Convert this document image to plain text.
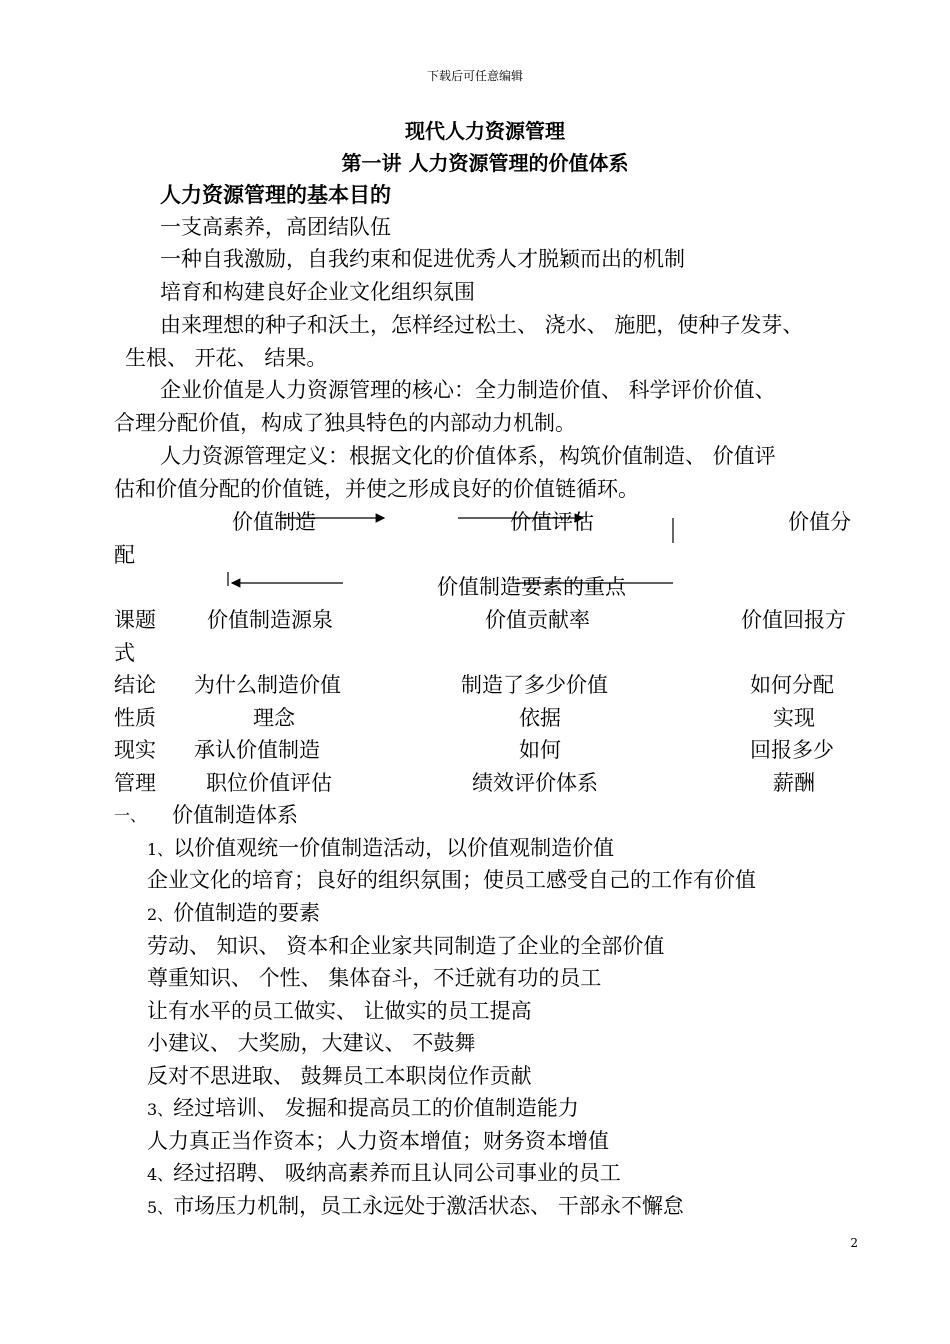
下载后可任意编辑
现代人力资源管理
第一讲 人力资源管理的价值体系
人力资源管理的基本目的
一支高素养，高团结队伍
一种自我激励，自我约束和促进优秀人才脱颖而出的机制
培育和构建良好企业文化组织氛围
由来理想的种子和沃土，怎样经过松土、 浇水、 施肥，使种子发芽、
生根、 开花、 结果。
企业价值是人力资源管理的核心：全力制造价值、 科学评价价值、
合理分配价值，构成了独具特色的内部动力机制。
人力资源管理定义：根据文化的价值体系，构筑价值制造、 价值评
估和价值分配的价值链，并使之形成良好的价值链循环。
价值制造	价值评估	价值分
配
价值制造要素的重点
课题 价值制造源泉	价值贡献率	价值回报方
式
结论 为什么制造价值	制造了多少价值	如何分配
性质	理念	依据	实现
现实 承认价值制造	如何	回报多少
管理 职位价值评估	绩效评价体系	薪酬
一、 价值制造体系
1、以价值观统一价值制造活动，以价值观制造价值
企业文化的培育；良好的组织氛围；使员工感受自己的工作有价值
2、价值制造的要素
劳动、 知识、 资本和企业家共同制造了企业的全部价值
尊重知识、 个性、 集体奋斗，不迁就有功的员工
让有水平的员工做实、 让做实的员工提高
小建议、 大奖励，大建议、 不鼓舞
反对不思进取、 鼓舞员工本职岗位作贡献
3、经过培训、 发掘和提高员工的价值制造能力
人力真正当作资本；人力资本增值；财务资本增值
4、经过招聘、 吸纳高素养而且认同公司事业的员工
5、市场压力机制，员工永远处于激活状态、 干部永不懈怠
2
